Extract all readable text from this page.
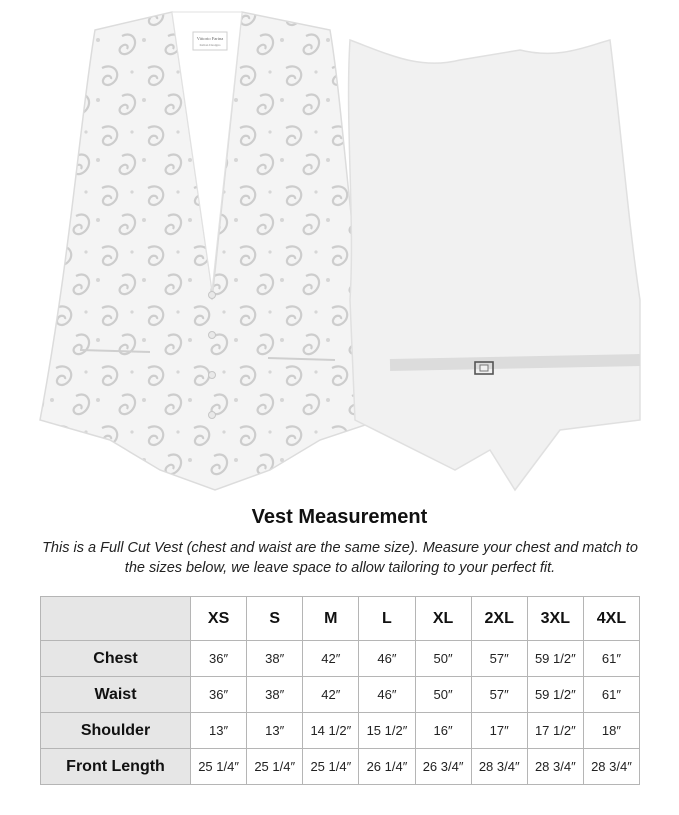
Vittorio Farina
Italian Designs
Vest Measurement
This is a Full Cut Vest (chest and waist are the same size). Measure your chest and match to the sizes below, we leave space to allow tailoring to your perfect fit.
	XS	S	M	L	XL	2XL	3XL	4XL
Chest	36″	38″	42″	46″	50″	57″	59 1/2″	61″
Waist	36″	38″	42″	46″	50″	57″	59 1/2″	61″
Shoulder	13″	13″	14 1/2″	15 1/2″	16″	17″	17 1/2″	18″
Front Length	25 1/4″	25 1/4″	25 1/4″	26 1/4″	26 3/4″	28 3/4″	28 3/4″	28 3/4″
